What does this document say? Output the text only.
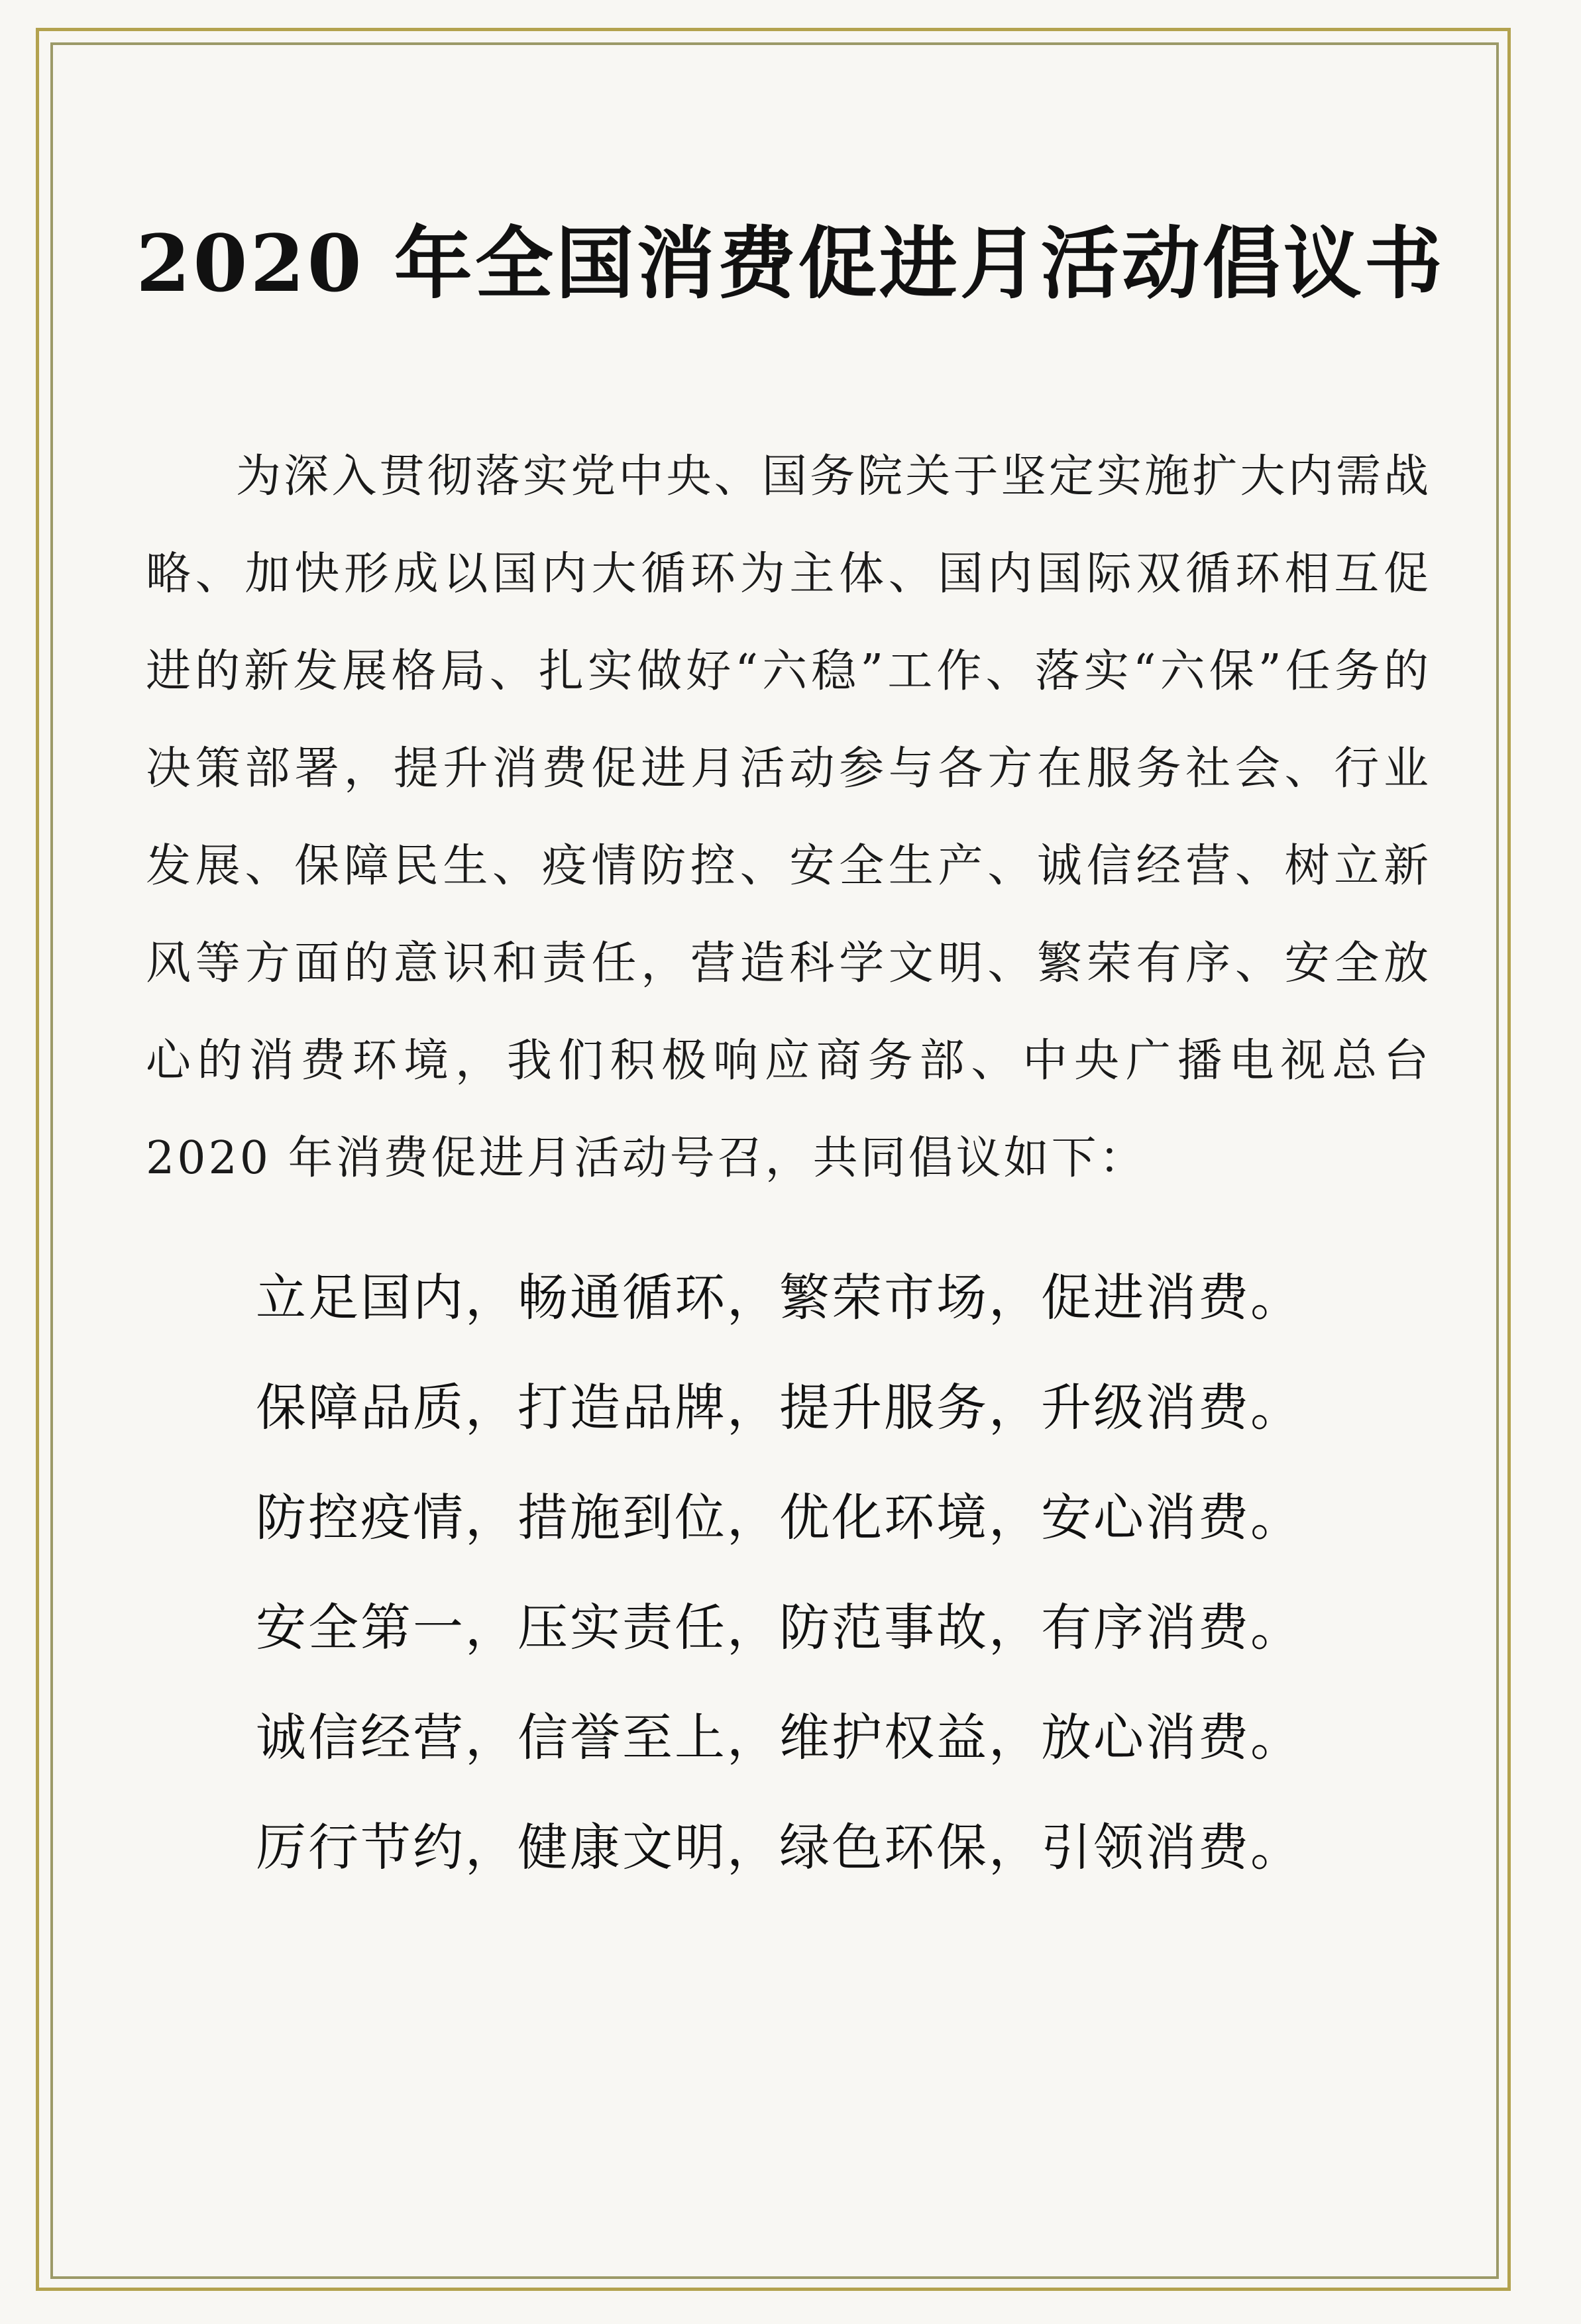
2020 年全国消费促进月活动倡议书

为深入贯彻落实党中央、国务院关于坚定实施扩大内需战略、加快形成以国内大循环为主体、国内国际双循环相互促进的新发展格局、扎实做好“六稳”工作、落实“六保”任务的决策部署，提升消费促进月活动参与各方在服务社会、行业发展、保障民生、疫情防控、安全生产、诚信经营、树立新风等方面的意识和责任，营造科学文明、繁荣有序、安全放心的消费环境，我们积极响应商务部、中央广播电视总台 2020 年消费促进月活动号召，共同倡议如下：

立足国内，畅通循环，繁荣市场，促进消费。
保障品质，打造品牌，提升服务，升级消费。
防控疫情，措施到位，优化环境，安心消费。
安全第一，压实责任，防范事故，有序消费。
诚信经营，信誉至上，维护权益，放心消费。
厉行节约，健康文明，绿色环保，引领消费。
